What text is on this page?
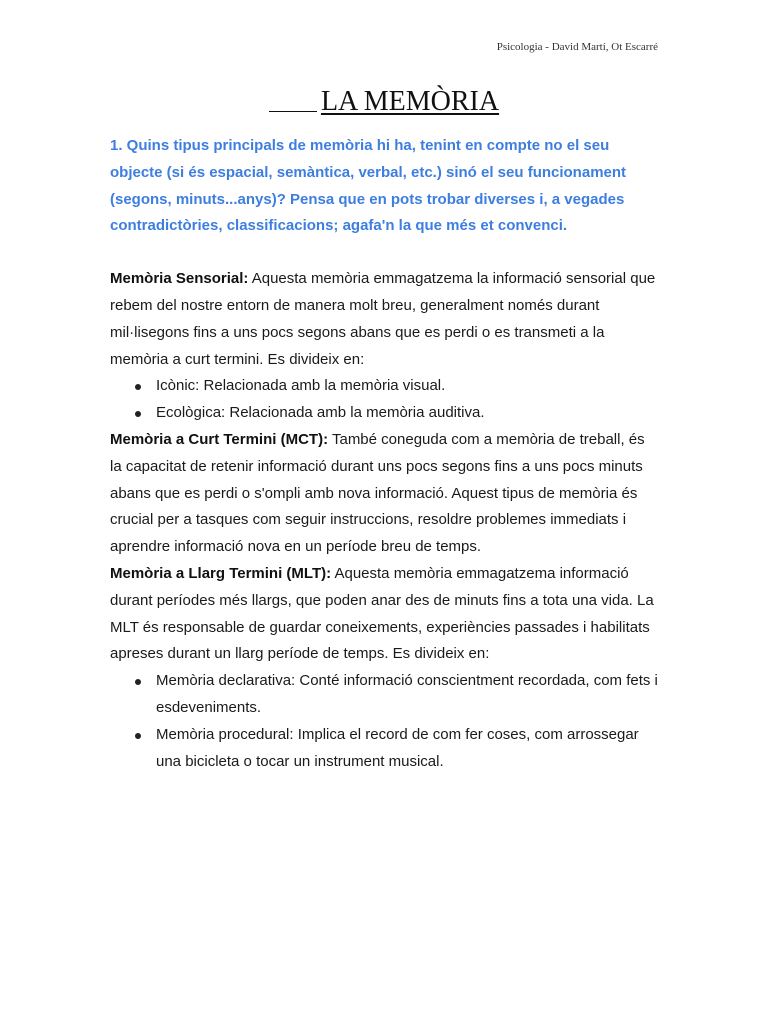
Psicologia - David Martí, Ot Escarré
LA MEMÒRIA

1. Quins tipus principals de memòria hi ha, tenint en compte no el seu objecte (si és espacial, semàntica, verbal, etc.) sinó el seu funcionament (segons, minuts...anys)? Pensa que en pots trobar diverses i, a vegades contradictòries, classificacions; agafa'n la que més et convenci.

Memòria Sensorial: Aquesta memòria emmagatzema la informació sensorial que rebem del nostre entorn de manera molt breu, generalment només durant mil·lisegons fins a uns pocs segons abans que es perdi o es transmeti a la memòria a curt termini. Es divideix en:

Icònic: Relacionada amb la memòria visual.
Ecològica: Relacionada amb la memòria auditiva.

Memòria a Curt Termini (MCT): També coneguda com a memòria de treball, és la capacitat de retenir informació durant uns pocs segons fins a uns pocs minuts abans que es perdi o s'ompli amb nova informació. Aquest tipus de memòria és crucial per a tasques com seguir instruccions, resoldre problemes immediats i aprendre informació nova en un període breu de temps.

Memòria a Llarg Termini (MLT): Aquesta memòria emmagatzema informació durant períodes més llargs, que poden anar des de minuts fins a tota una vida. La MLT és responsable de guardar coneixements, experiències passades i habilitats apreses durant un llarg període de temps. Es divideix en:

Memòria declarativa: Conté informació conscientment recordada, com fets i esdeveniments.
Memòria procedural: Implica el record de com fer coses, com arrossegar una bicicleta o tocar un instrument musical.
